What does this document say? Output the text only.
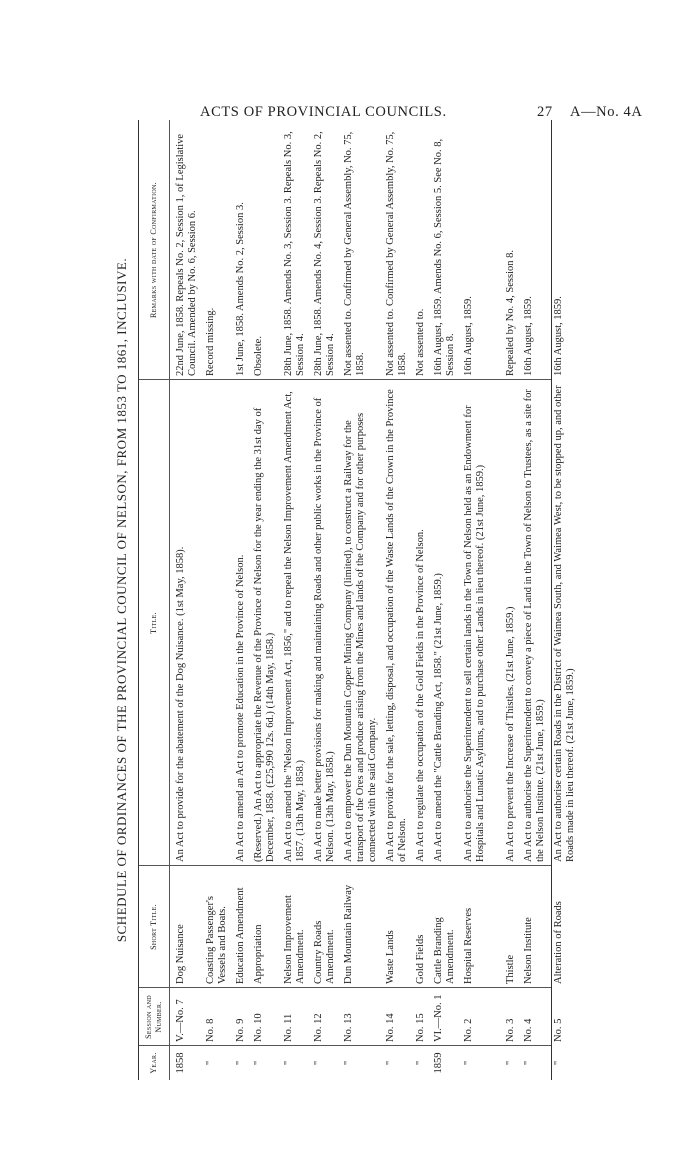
ACTS OF PROVINCIAL COUNCILS.	27 A—No. 4A
SCHEDULE OF ORDINANCES OF THE PROVINCIAL COUNCIL OF NELSON, FROM 1853 TO 1861, INCLUSIVE.
Year.
Session and Number.
Short Title.
Title.
Remarks with date of Confirmation.
1858
V.—No. 7
Dog Nuisance
An Act to provide for the abatement of the Dog Nuisance. (1st May, 1858).
22nd June, 1858. Repeals No. 2, Session 1, of Legislative Council. Amended by No. 6, Session 6.
"
No. 8
Coasting Passenger's Vessels and Boats.
Record missing.
"
No. 9
Education Amendment
An Act to amend an Act to promote Education in the Province of Nelson.
1st June, 1858. Amends No. 2, Session 3.
"
No. 10
Appropriation
(Reserved.) An Act to appropriate the Revenue of the Province of Nelson for the year ending the 31st day of December, 1858. (£25,990 12s. 6d.) (14th May, 1858.)
Obsolete.
"
No. 11
Nelson Improvement Amendment.
An Act to amend the "Nelson Improvement Act, 1856," and to repeal the Nelson Improvement Amendment Act, 1857. (13th May, 1858.)
28th June, 1858. Amends No. 3, Session 3. Repeals No. 3, Session 4.
"
No. 12
Country Roads Amendment.
An Act to make better provisions for making and maintaining Roads and other public works in the Province of Nelson. (13th May, 1858.)
28th June, 1858. Amends No. 4, Session 3. Repeals No. 2, Session 4.
"
No. 13
Dun Mountain Railway
An Act to empower the Dun Mountain Copper Mining Company (limited), to construct a Railway for the transport of the Ores and produce arising from the Mines and lands of the Company and for other purposes connected with the said Company.
Not assented to. Confirmed by General Assembly, No. 75, 1858.
"
No. 14
Waste Lands
An Act to provide for the sale, letting, disposal, and occupation of the Waste Lands of the Crown in the Province of Nelson.
Not assented to. Confirmed by General Assembly, No. 75, 1858.
"
No. 15
Gold Fields
An Act to regulate the occupation of the Gold Fields in the Province of Nelson.
Not assented to.
1859
VI.—No. 1
Cattle Branding Amendment.
An Act to amend the "Cattle Branding Act, 1858." (21st June, 1859.)
16th August, 1859. Amends No. 6, Session 5. See No. 8, Session 8.
"
No. 2
Hospital Reserves
An Act to authorise the Superintendent to sell certain lands in the Town of Nelson held as an Endowment for Hospitals and Lunatic Asylums, and to purchase other Lands in lieu thereof. (21st June, 1859.)
16th August, 1859.
"
No. 3
Thistle
An Act to prevent the Increase of Thistles. (21st June, 1859.)
Repealed by No. 4, Session 8.
"
No. 4
Nelson Institute
An Act to authorise the Superintendent to convey a piece of Land in the Town of Nelson to Trustees, as a site for the Nelson Institute. (21st June, 1859.)
16th August, 1859.
"
No. 5
Alteration of Roads
An Act to authorise certain Roads in the District of Waimea South, and Waimea West, to be stopped up, and other Roads made in lieu thereof. (21st June, 1859.)
16th August, 1859.
